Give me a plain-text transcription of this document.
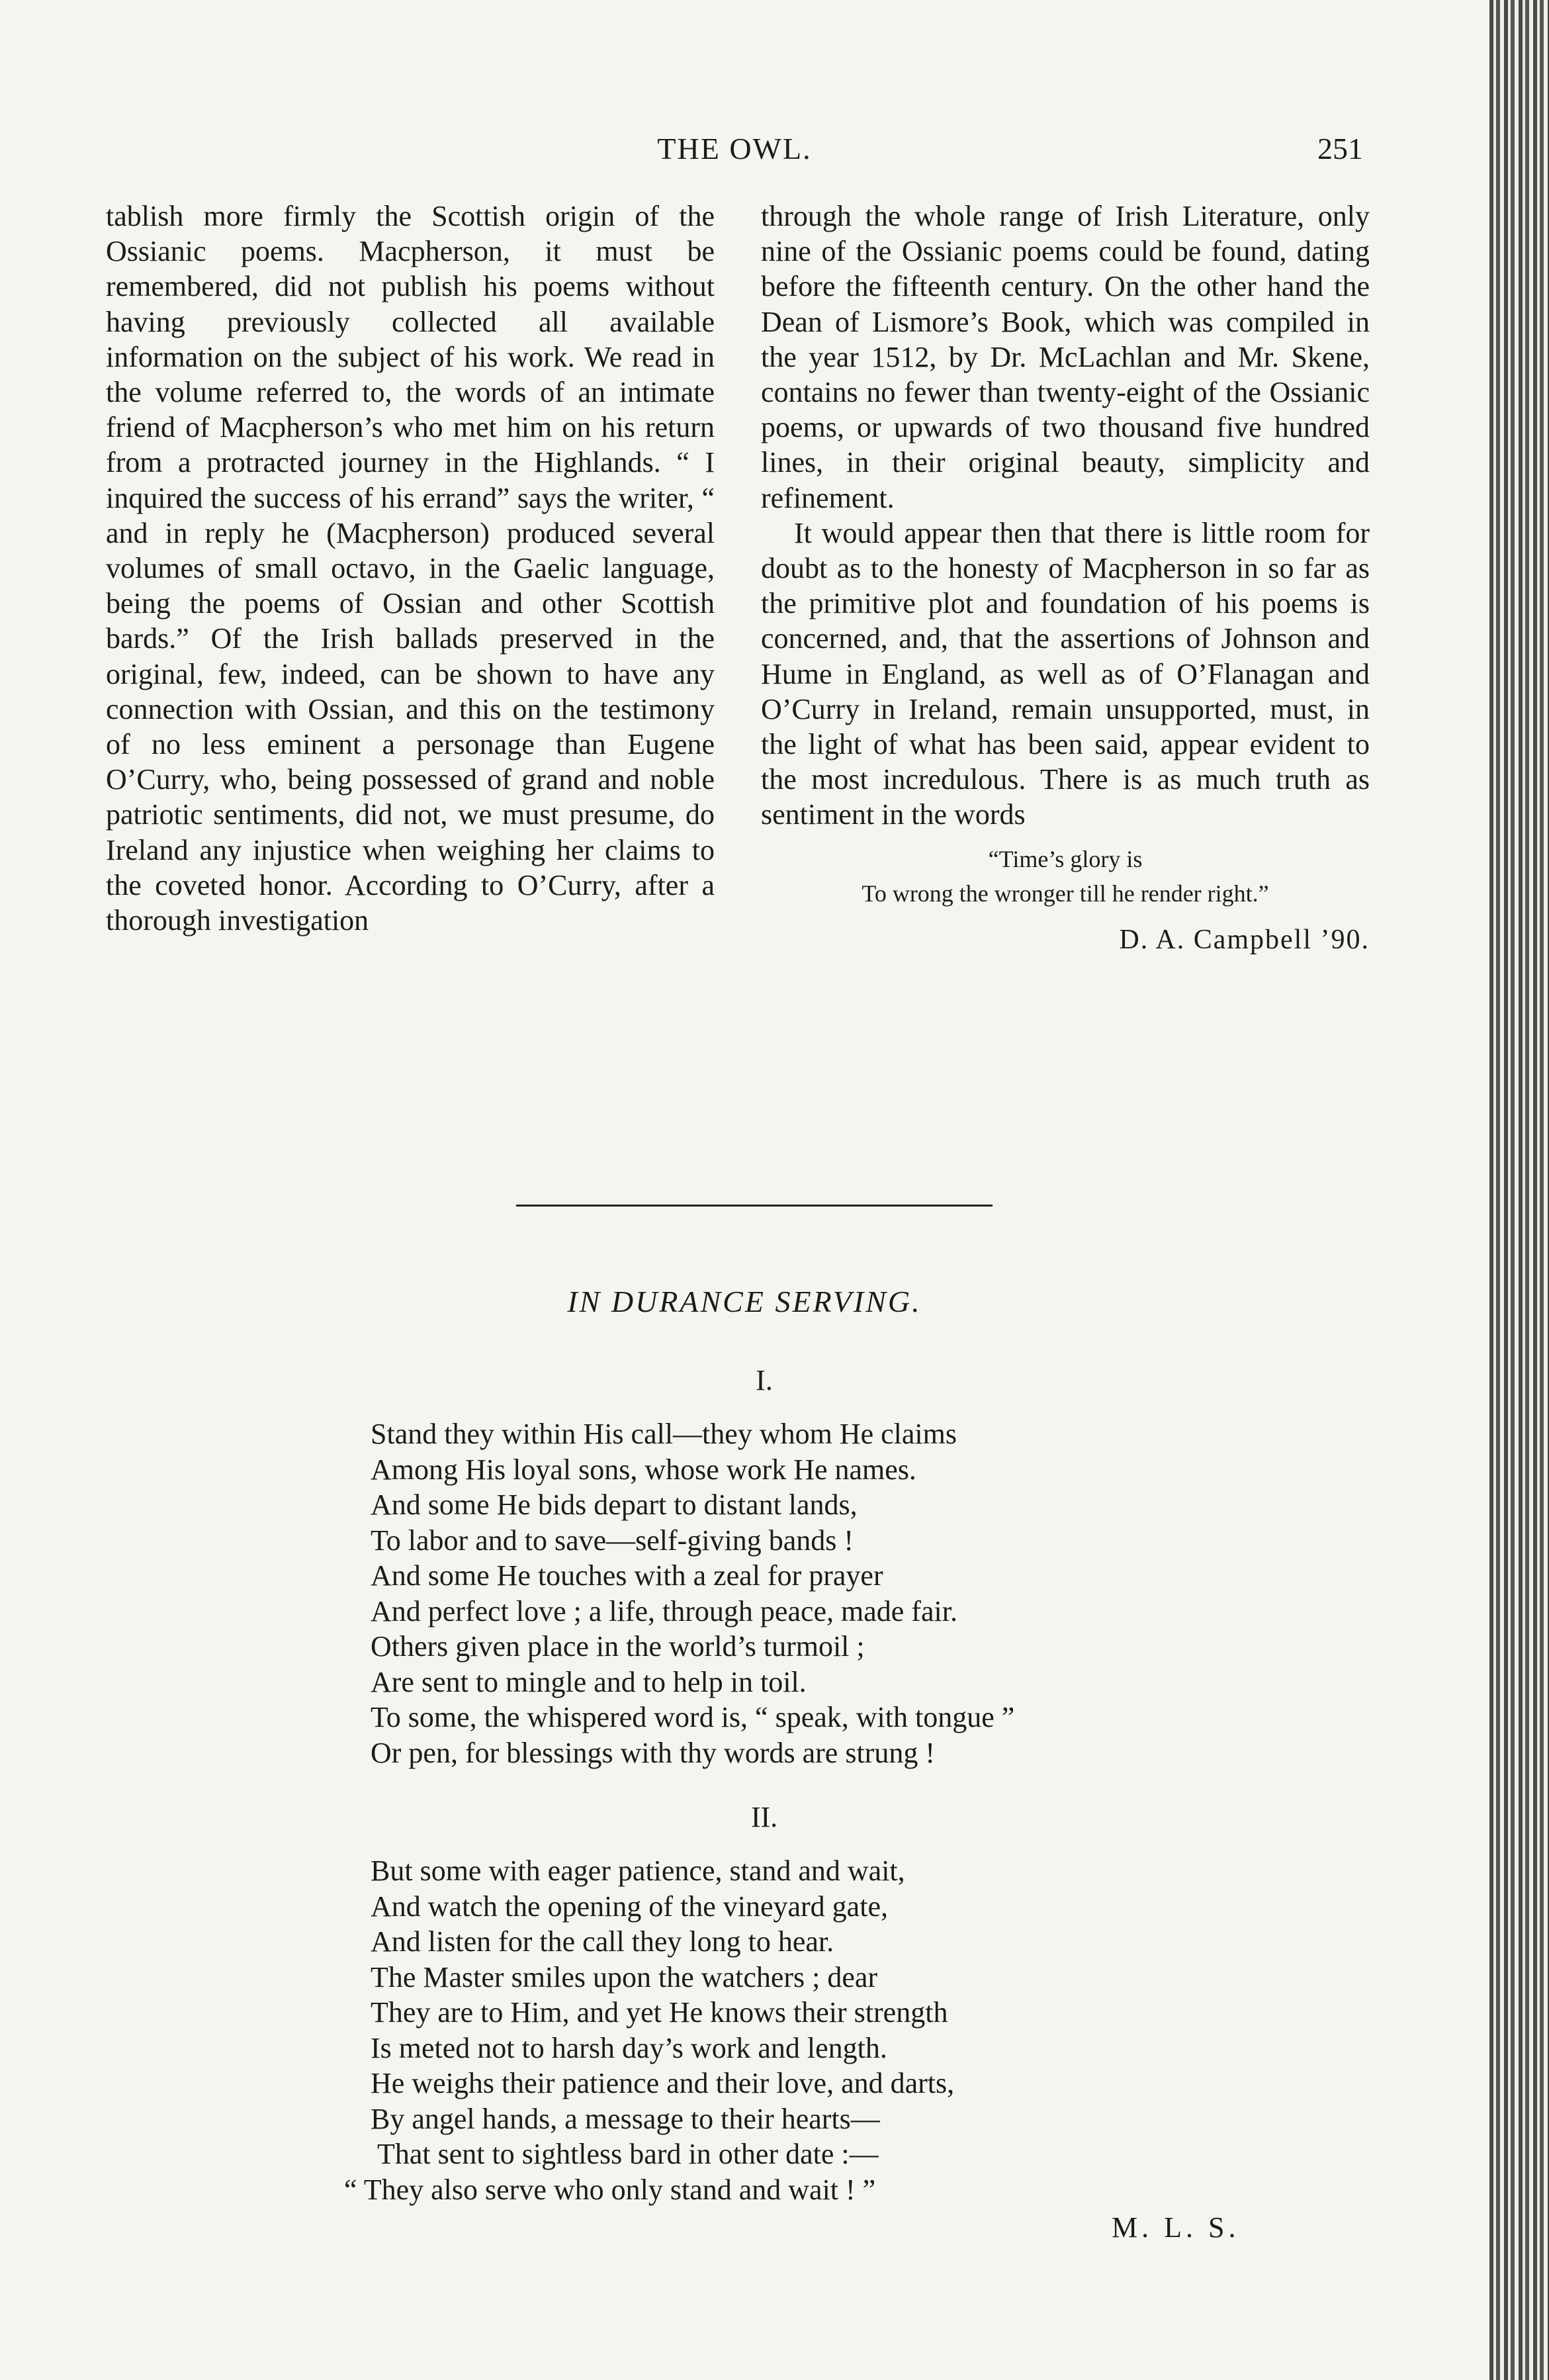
THE OWL.	251

tablish more firmly the Scottish origin of the Ossianic poems. Macpherson, it must be remembered, did not publish his poems without having previously collected all available information on the subject of his work. We read in the volume referred to, the words of an intimate friend of Macpherson’s who met him on his return from a protracted journey in the Highlands. “ I inquired the success of his errand” says the writer, “ and in reply he (Macpherson) produced several volumes of small octavo, in the Gaelic language, being the poems of Ossian and other Scottish bards.” Of the Irish ballads preserved in the original, few, indeed, can be shown to have any connection with Ossian, and this on the testimony of no less eminent a personage than Eugene O’Curry, who, being possessed of grand and noble patriotic sentiments, did not, we must presume, do Ireland any injustice when weighing her claims to the coveted honor. According to O’Curry, after a thorough investigation

through the whole range of Irish Literature, only nine of the Ossianic poems could be found, dating before the fifteenth century. On the other hand the Dean of Lismore’s Book, which was compiled in the year 1512, by Dr. McLachlan and Mr. Skene, contains no fewer than twenty-eight of the Ossianic poems, or upwards of two thousand five hundred lines, in their original beauty, simplicity and refinement.

It would appear then that there is little room for doubt as to the honesty of Macpherson in so far as the primitive plot and foundation of his poems is concerned, and, that the assertions of Johnson and Hume in England, as well as of O’Flanagan and O’Curry in Ireland, remain unsupported, must, in the light of what has been said, appear evident to the most incredulous. There is as much truth as sentiment in the words

“Time’s glory is
To wrong the wronger till he render right.”
D. A. Campbell ’90.
IN DURANCE SERVING.
I.
Stand they within His call—they whom He claims
Among His loyal sons, whose work He names.
And some He bids depart to distant lands,
To labor and to save—self-giving bands !
And some He touches with a zeal for prayer
And perfect love ; a life, through peace, made fair.
Others given place in the world’s turmoil ;
Are sent to mingle and to help in toil.
To some, the whispered word is, “ speak, with tongue ”
Or pen, for blessings with thy words are strung !
II.
But some with eager patience, stand and wait,
And watch the opening of the vineyard gate,
And listen for the call they long to hear.
The Master smiles upon the watchers ; dear
They are to Him, and yet He knows their strength
Is meted not to harsh day’s work and length.
He weighs their patience and their love, and darts,
By angel hands, a message to their hearts—
That sent to sightless bard in other date :—
“ They also serve who only stand and wait ! ”
M. L. S.
